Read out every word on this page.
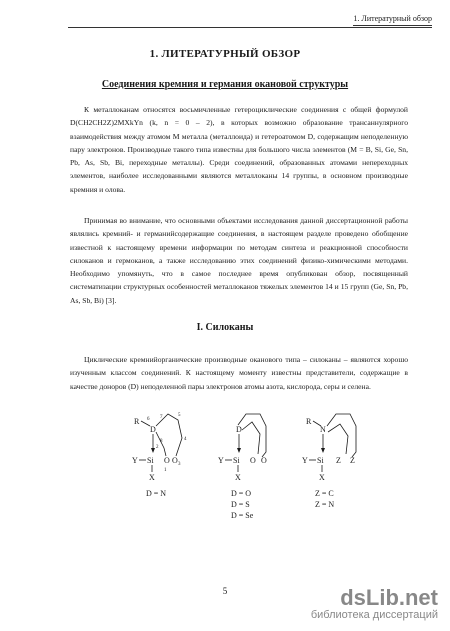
1. Литературный обзор
1. ЛИТЕРАТУРНЫЙ ОБЗОР
Соединения кремния и германия окановой структуры

К металлоканам относятся восьмичленные гетероциклические соединения с общей формулой D(CH2CH2Z)2MXkYn (k, n = 0 – 2), в которых возможно образование трансаннулярного взаимодействия между атомом М металла (металлоида) и гетероатомом D, содержащим неподеленную пару электронов. Производные такого типа известны для большого числа элементов (M = B, Si, Ge, Sn, Pb, As, Sb, Bi, переходные металлы). Среди соединений, образованных атомами непереходных элементов, наиболее исследованными являются металлоканы 14 группы, в основном производные кремния и олова.

Принимая во внимание, что основными объектами исследования данной диссертационной работы являлись кремний- и германийсодержащие соединения, в настоящем разделе проведено обобщение известной к настоящему времени информации по методам синтеза и реакционной способности силоканов и гермоканов, а также исследованию этих соединений физико-химическими методами. Необходимо упомянуть, что в самое последнее время опубликован обзор, посвященный систематизации структурных особенностей металлоканов тяжелых элементов 14 и 15 групп (Ge, Sn, Pb, As, Sb, Bi) [3].

I. Силоканы

Циклические кремнийорганические производные оканового типа – силоканы – являются хорошо изученным классом соединений. К настоящему моменту известны представители, содержащие в качестве доноров (D) неподеленной пары электронов атомы азота, кислорода, серы и селена.

R 6
D
5
7
8	4
2
Y Si O O 3
1
X
D = N
D
Y Si O O
X
D = O
D = S
D = Se
R
N
Y Si Z Z
X
Z = C
Z = N
5	dsLib.net
библиотека диссертаций
